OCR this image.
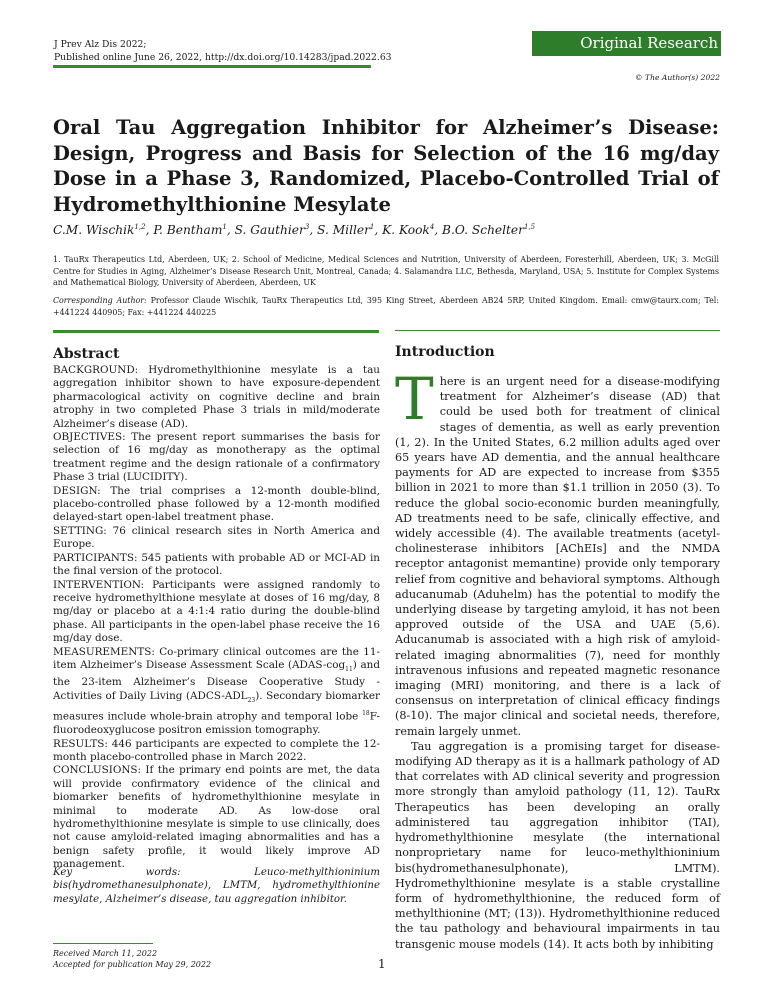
J Prev Alz Dis 2022;
Published online June 26, 2022, http://dx.doi.org/10.14283/jpad.2022.63
Original Research
© The Author(s) 2022
Oral Tau Aggregation Inhibitor for Alzheimer’s Disease: Design, Progress and Basis for Selection of the 16 mg/day Dose in a Phase 3, Randomized, Placebo-Controlled Trial of Hydromethylthionine Mesylate
C.M. Wischik$^{1,2}$, P. Bentham$^1$, S. Gauthier$^3$, S. Miller$^1$, K. Kook$^4$, B.O. Schelter$^{1,5}$
1. TauRx Therapeutics Ltd, Aberdeen, UK; 2. School of Medicine, Medical Sciences and Nutrition, University of Aberdeen, Foresterhill, Aberdeen, UK; 3. McGill Centre for Studies in Aging, Alzheimer’s Disease Research Unit, Montreal, Canada; 4. Salamandra LLC, Bethesda, Maryland, USA; 5. Institute for Complex Systems and Mathematical Biology, University of Aberdeen, Aberdeen, UK
Corresponding Author: Professor Claude Wischik, TauRx Therapeutics Ltd, 395 King Street, Aberdeen AB24 5RP, United Kingdom. Email: cmw@taurx.com; Tel: +441224 440905; Fax: +441224 440225
Abstract

BACKGROUND: Hydromethylthionine mesylate is a tau aggregation inhibitor shown to have exposure-dependent pharmacological activity on cognitive decline and brain atrophy in two completed Phase 3 trials in mild/moderate Alzheimer’s disease (AD).

OBJECTIVES: The present report summarises the basis for selection of 16 mg/day as monotherapy as the optimal treatment regime and the design rationale of a confirmatory Phase 3 trial (LUCIDITY).

DESIGN: The trial comprises a 12-month double-blind, placebo-controlled phase followed by a 12-month modified delayed-start open-label treatment phase.

SETTING: 76 clinical research sites in North America and Europe.

PARTICIPANTS: 545 patients with probable AD or MCI-AD in the final version of the protocol.

INTERVENTION: Participants were assigned randomly to receive hydromethylthione mesylate at doses of 16 mg/day, 8 mg/day or placebo at a 4:1:4 ratio during the double-blind phase. All participants in the open-label phase receive the 16 mg/day dose.

MEASUREMENTS: Co-primary clinical outcomes are the 11-item Alzheimer’s Disease Assessment Scale (ADAS-cog$_{11}$) and the 23-item Alzheimer’s Disease Cooperative Study - Activities of Daily Living $(ADCS-ADL_{23})$. Secondary biomarker measures include whole-brain atrophy and temporal lobe $^{18}$F-fluorodeoxyglucose positron emission tomography.

RESULTS: 446 participants are expected to complete the 12-month placebo-controlled phase in March 2022.

CONCLUSIONS: If the primary end points are met, the data will provide confirmatory evidence of the clinical and biomarker benefits of hydromethylthionine mesylate in minimal to moderate AD. As low-dose oral hydromethylthionine mesylate is simple to use clinically, does not cause amyloid-related imaging abnormalities and has a benign safety profile, it would likely improve AD management.

Key words: Leuco-methylthioninium bis(hydromethanesulphonate), LMTM, hydromethylthionine mesylate, Alzheimer’s disease, tau aggregation inhibitor.
Received March 11, 2022
Accepted for publication May 29, 2022	1
Introduction

There is an urgent need for a disease-modifying treatment for Alzheimer’s disease (AD) that could be used both for treatment of clinical stages of dementia, as well as early prevention (1, 2). In the United States, 6.2 million adults aged over 65 years have AD dementia, and the annual healthcare payments for AD are expected to increase from $355 billion in 2021 to more than $1.1 trillion in 2050 (3). To reduce the global socio-economic burden meaningfully, AD treatments need to be safe, clinically effective, and widely accessible (4). The available treatments (acetyl-cholinesterase inhibitors [AChEIs] and the NMDA receptor antagonist memantine) provide only temporary relief from cognitive and behavioral symptoms. Although aducanumab (Aduhelm) has the potential to modify the underlying disease by targeting amyloid, it has not been approved outside of the USA and UAE (5,6). Aducanumab is associated with a high risk of amyloid-related imaging abnormalities (7), need for monthly intravenous infusions and repeated magnetic resonance imaging (MRI) monitoring, and there is a lack of consensus on interpretation of clinical efficacy findings (8-10). The major clinical and societal needs, therefore, remain largely unmet.

Tau aggregation is a promising target for disease-modifying AD therapy as it is a hallmark pathology of AD that correlates with AD clinical severity and progression more strongly than amyloid pathology (11, 12). TauRx Therapeutics has been developing an orally administered tau aggregation inhibitor (TAI), hydromethylthionine mesylate (the international nonproprietary name for leuco-methylthioninium bis(hydromethanesulphonate), LMTM). Hydromethylthionine mesylate is a stable crystalline form of hydromethylthionine, the reduced form of methylthionine (MT; (13)). Hydromethylthionine reduced the tau pathology and behavioural impairments in tau transgenic mouse models (14). It acts both by inhibiting
